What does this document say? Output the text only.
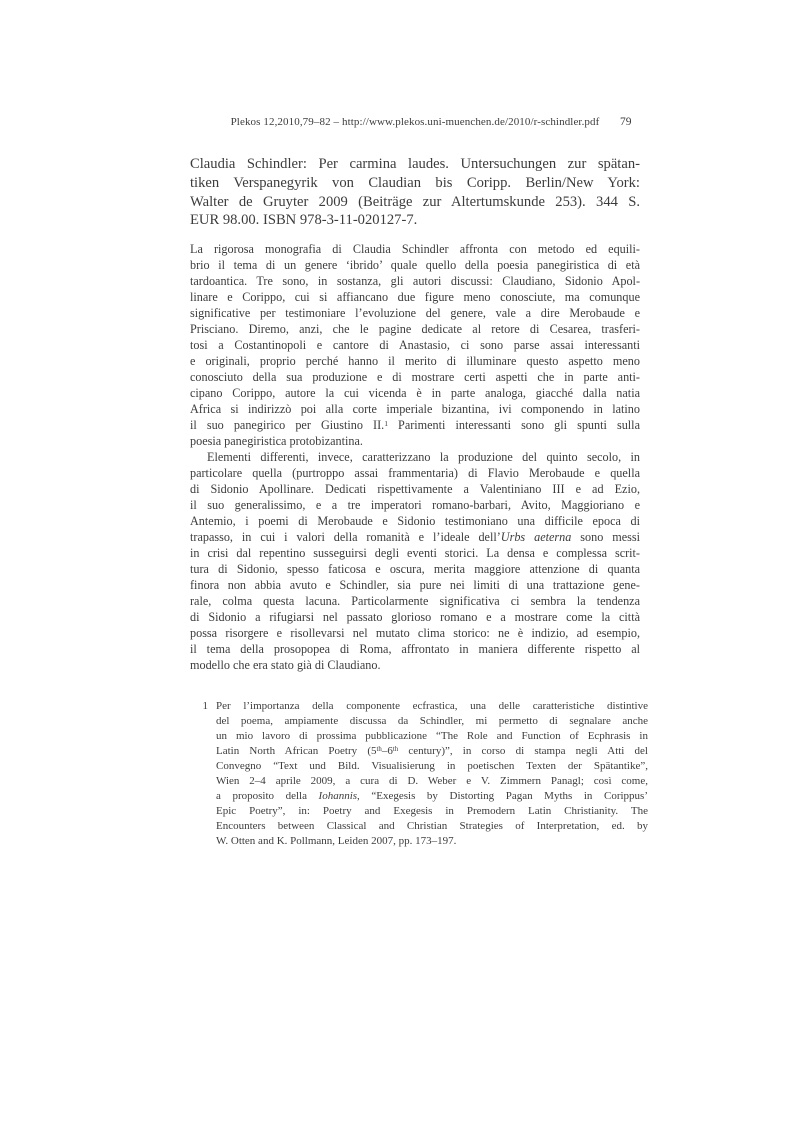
Plekos 12,2010,79–82 – http://www.plekos.uni-muenchen.de/2010/r-schindler.pdf	79
Claudia Schindler: Per carmina laudes. Untersuchungen zur spätan-
tiken Verspanegyrik von Claudian bis Coripp. Berlin/New York:
Walter de Gruyter 2009 (Beiträge zur Altertumskunde 253). 344 S.
EUR 98.00. ISBN 978-3-11-020127-7.
La rigorosa monografia di Claudia Schindler affronta con metodo ed equili-
brio il tema di un genere ‘ibrido’ quale quello della poesia panegiristica di età
tardoantica. Tre sono, in sostanza, gli autori discussi: Claudiano, Sidonio Apol-
linare e Corippo, cui si affiancano due figure meno conosciute, ma comunque
significative per testimoniare l’evoluzione del genere, vale a dire Merobaude e
Prisciano. Diremo, anzi, che le pagine dedicate al retore di Cesarea, trasferi-
tosi a Costantinopoli e cantore di Anastasio, ci sono parse assai interessanti
e originali, proprio perché hanno il merito di illuminare questo aspetto meno
conosciuto della sua produzione e di mostrare certi aspetti che in parte anti-
cipano Corippo, autore la cui vicenda è in parte analoga, giacché dalla natia
Africa si indirizzò poi alla corte imperiale bizantina, ivi componendo in latino
il suo panegirico per Giustino II.$^1$ Parimenti interessanti sono gli spunti sulla
poesia panegiristica protobizantina.
Elementi differenti, invece, caratterizzano la produzione del quinto secolo, in
particolare quella (purtroppo assai frammentaria) di Flavio Merobaude e quella
di Sidonio Apollinare. Dedicati rispettivamente a Valentiniano III e ad Ezio,
il suo generalissimo, e a tre imperatori romano-barbari, Avito, Maggioriano e
Antemio, i poemi di Merobaude e Sidonio testimoniano una difficile epoca di
trapasso, in cui i valori della romanità e l’ideale dell’Urbs aeterna sono messi
in crisi dal repentino susseguirsi degli eventi storici. La densa e complessa scrit-
tura di Sidonio, spesso faticosa e oscura, merita maggiore attenzione di quanta
finora non abbia avuto e Schindler, sia pure nei limiti di una trattazione gene-
rale, colma questa lacuna. Particolarmente significativa ci sembra la tendenza
di Sidonio a rifugiarsi nel passato glorioso romano e a mostrare come la città
possa risorgere e risollevarsi nel mutato clima storico: ne è indizio, ad esempio,
il tema della prosopopea di Roma, affrontato in maniera differente rispetto al
modello che era stato già di Claudiano.
1 Per l’importanza della componente ecfrastica, una delle caratteristiche distintive
del poema, ampiamente discussa da Schindler, mi permetto di segnalare anche
un mio lavoro di prossima pubblicazione “The Role and Function of Ecphrasis in
Latin North African Poetry (5th–6th century)”, in corso di stampa negli Atti del
Convegno “Text und Bild. Visualisierung in poetischen Texten der Spätantike”,
Wien 2–4 aprile 2009, a cura di D. Weber e V. Zimmern Panagl; così come,
a proposito della Iohannis, “Exegesis by Distorting Pagan Myths in Corippus’
Epic Poetry”, in: Poetry and Exegesis in Premodern Latin Christianity. The
Encounters between Classical and Christian Strategies of Interpretation, ed. by
W. Otten and K. Pollmann, Leiden 2007, pp. 173–197.
